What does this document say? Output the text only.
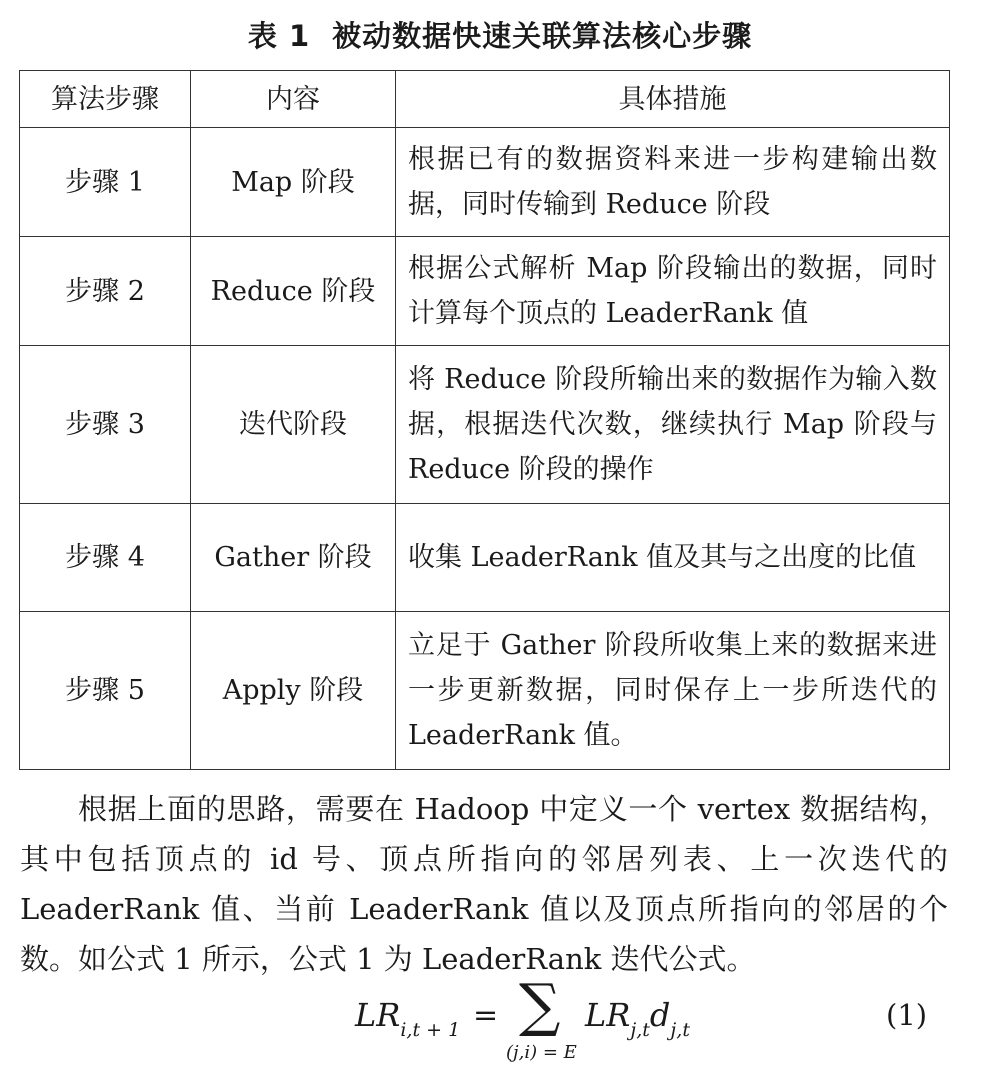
表 1 被动数据快速关联算法核心步骤
算法步骤	内容	具体措施
步骤 1	Map 阶段	根据已有的数据资料来进一步构建输出数据，同时传输到 Reduce 阶段
步骤 2	Reduce 阶段	根据公式解析 Map 阶段输出的数据，同时计算每个顶点的 LeaderRank 值
步骤 3	迭代阶段	将 Reduce 阶段所输出来的数据作为输入数据，根据迭代次数，继续执行 Map 阶段与 Reduce 阶段的操作
步骤 4	Gather 阶段	收集 LeaderRank 值及其与之出度的比值
步骤 5	Apply 阶段	立足于 Gather 阶段所收集上来的数据来进一步更新数据，同时保存上一步所迭代的 LeaderRank 值。

根据上面的思路，需要在 Hadoop 中定义一个 vertex 数据结构，其中包括顶点的 id 号、顶点所指向的邻居列表、上一次迭代的 LeaderRank 值、当前 LeaderRank 值以及顶点所指向的邻居的个数。如公式 1 所示，公式 1 为 LeaderRank 迭代公式。

$LR_{i,t + 1}$ = ∑
(j,i) = E
$LR_{j,t}d_{j,t}$	(1)
